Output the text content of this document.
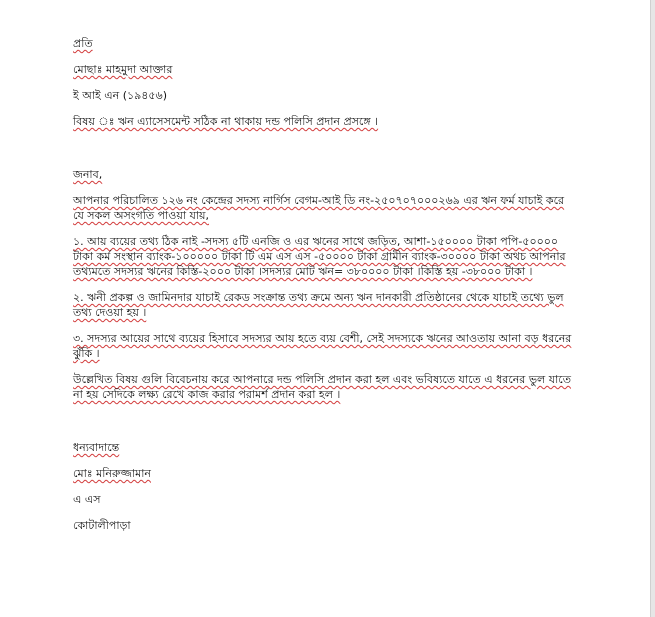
প্রতি

মোছাঃ মাহমুদা আক্তার

ই আই এন (১৯৪৫৬)

বিষয় ◌ঃ ঋন এ্যাসেসমেন্ট সঠিক না থাকায় দন্ড পলিসি প্রদান প্রসঙ্গে ।

জনাব,

আপনার পরিচালিত ১২৬ নং কেন্দ্রের সদস্য নার্গিস বেগম-আই ডি নং-২৫০৭০৭০০০২৬৯ এর ঋন ফর্ম যাচাই করে যে সকল অসংগতি পাওয়া যায়,

১. আয় ব্যয়ের তথ্য ঠিক নাই -সদস্য ৫টি এনজি ও এর ঋনের সাথে জড়িত, আশা-১৫০০০০ টাকা পপি-৫০০০০ টাকা কর্ম সংস্থান ব্যাংক-১০০০০০ টাকা টি এম এস এস -৫০০০০ টাকা গ্রামীন ব্যাংক-৩০০০০ টাকা অথচ আপনার তথ্যমতে সদস্যর ঋনের কিস্তি-২০০০ টাকা ।সদস্যর মোট ঋন= ৩৮০০০০ টাকা ।কিস্তি হয় -৩৮০০০ টাকা ।

২. ঋনী প্রকল্প ও জামিনদার যাচাই রেকড সংক্রান্ত তথ্য ক্রমে অন্য ঋন দানকারী প্রতিষ্ঠানের থেকে যাচাই তথ্যে ভুল তথ্য দেওয়া হয় ।

৩. সদস্যর আয়ের সাথে ব্যয়ের হিসাবে সদস্যর আয় হতে ব্যয় বেশী, সেই সদস্যকে ঋনের আওতায় আনা বড় ধরনের ঝুঁকি ।

উল্লেখিত বিষয় গুলি বিবেচনায় করে আপনারে দন্ড পলিসি প্রদান করা হল এবং ভবিষ্যতে যাতে এ ধরনের ভুল যাতে না হয় সেদিকে লক্ষ্য রেখে কাজ করার পরামর্শ প্রদান করা হল ।

ধন্যবাদান্তে

মোঃ মনিরুজ্জামান

এ এস

কোটালীপাড়া
